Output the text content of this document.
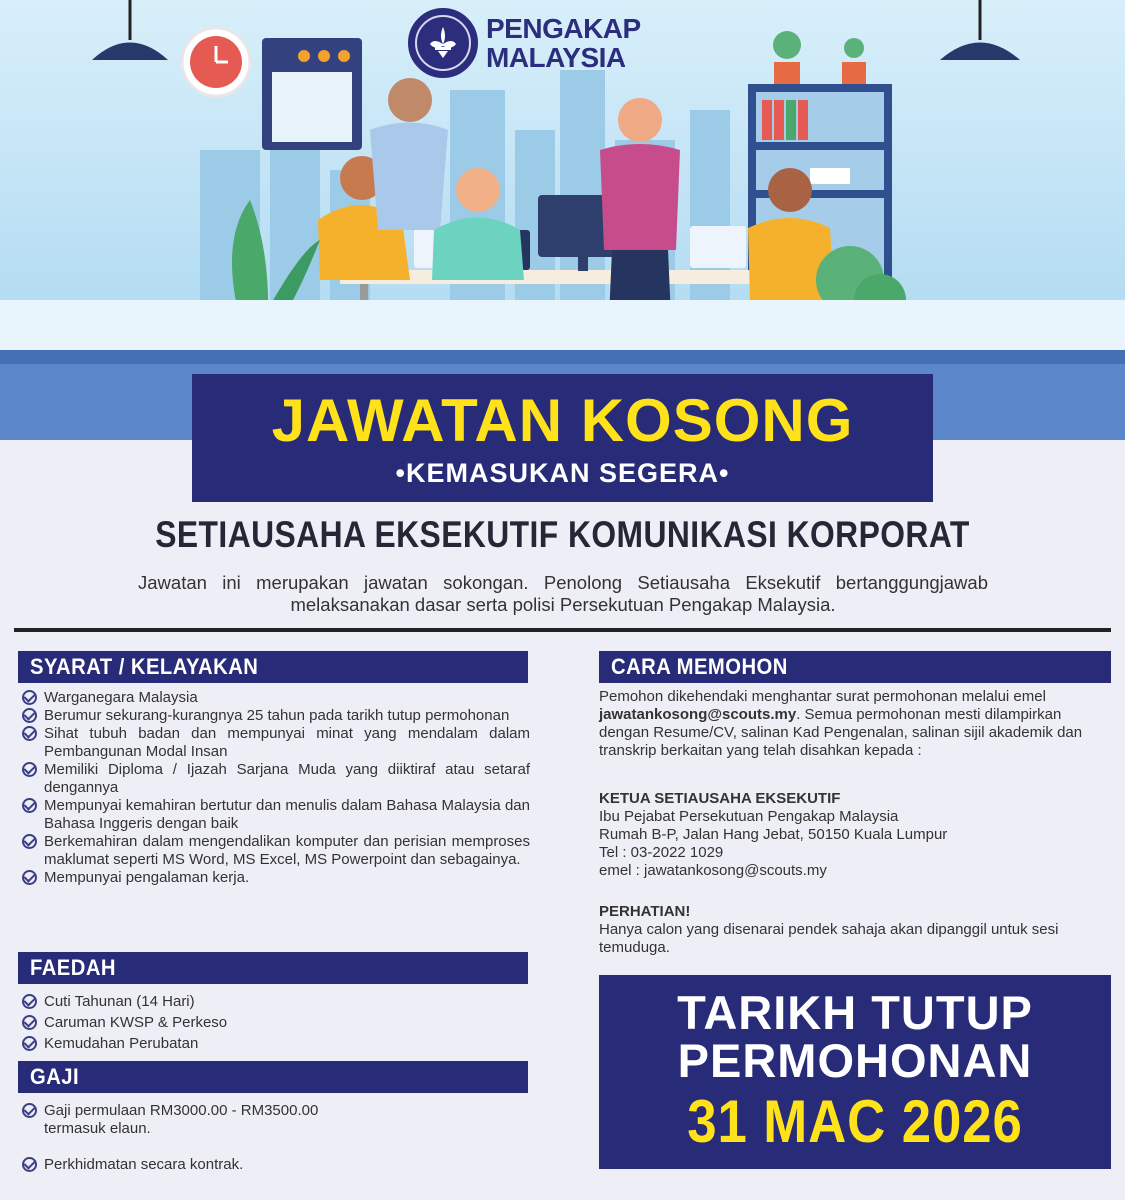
PENGAKAP
MALAYSIA
JAWATAN KOSONG
•KEMASUKAN SEGERA•
SETIAUSAHA EKSEKUTIF KOMUNIKASI KORPORAT
Jawatan ini merupakan jawatan sokongan. Penolong Setiausaha Eksekutif bertanggungjawab melaksanakan dasar serta polisi Persekutuan Pengakap Malaysia.
SYARAT / KELAYAKAN
Warganegara Malaysia
Berumur sekurang-kurangnya 25 tahun pada tarikh tutup permohonan
Sihat tubuh badan dan mempunyai minat yang mendalam dalam Pembangunan Modal Insan
Memiliki Diploma / Ijazah Sarjana Muda yang diiktiraf atau setaraf dengannya
Mempunyai kemahiran bertutur dan menulis dalam Bahasa Malaysia dan Bahasa Inggeris dengan baik
Berkemahiran dalam mengendalikan komputer dan perisian memproses maklumat seperti MS Word, MS Excel, MS Powerpoint dan sebagainya.
Mempunyai pengalaman kerja.
FAEDAH
Cuti Tahunan (14 Hari)
Caruman KWSP & Perkeso
Kemudahan Perubatan
GAJI
Gaji permulaan RM3000.00 - RM3500.00 termasuk elaun.
Perkhidmatan secara kontrak.
CARA MEMOHON
Pemohon dikehendaki menghantar surat permohonan melalui emel jawatankosong@scouts.my. Semua permohonan mesti dilampirkan dengan Resume/CV, salinan Kad Pengenalan, salinan sijil akademik dan transkrip berkaitan yang telah disahkan kepada :
KETUA SETIAUSAHA EKSEKUTIF
Ibu Pejabat Persekutuan Pengakap Malaysia
Rumah B-P, Jalan Hang Jebat, 50150 Kuala Lumpur
Tel : 03-2022 1029
emel : jawatankosong@scouts.my
PERHATIAN!
Hanya calon yang disenarai pendek sahaja akan dipanggil untuk sesi temuduga.
TARIKH TUTUP
PERMOHONAN
31 MAC 2026
